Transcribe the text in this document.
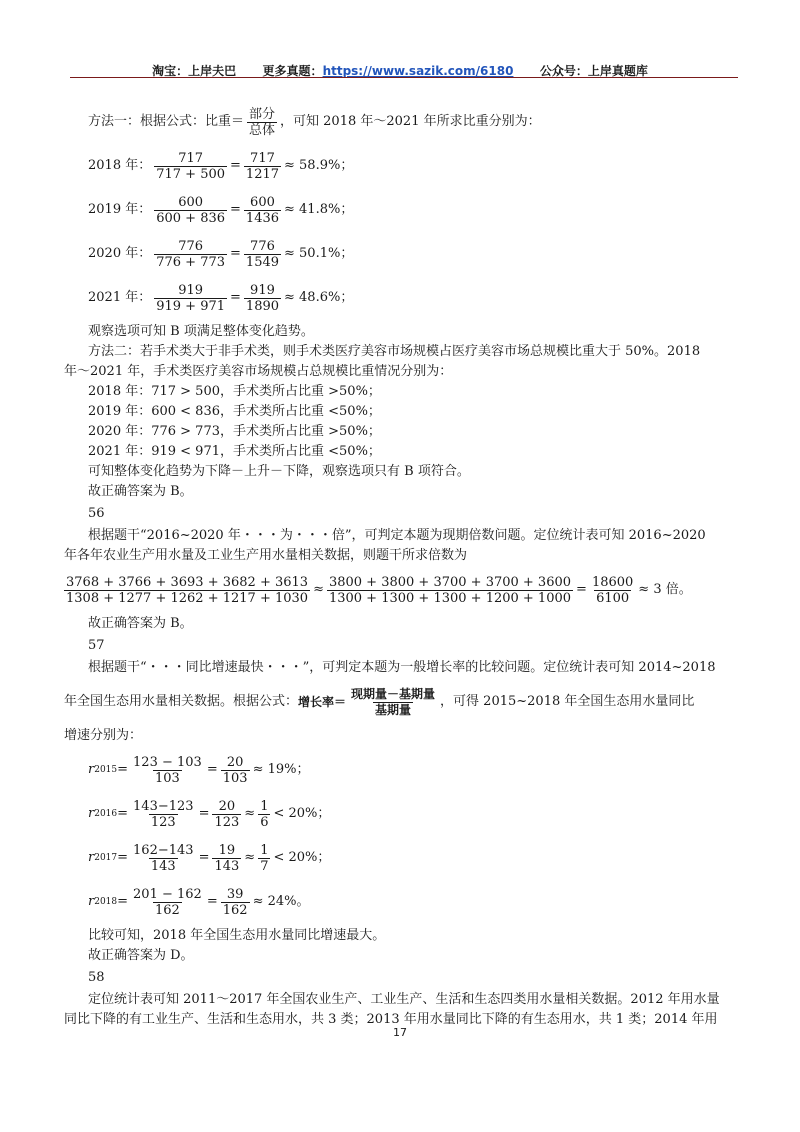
淘宝：上岸夫巴 更多真题：https://www.sazik.com/6180 公众号：上岸真题库
方法一：根据公式：比重＝ $\frac{\text{部分}}{\text{总体}}$ ，可知 2018 年～2021 年所求比重分别为：
2018 年： $\frac{717}{717 + 500} = \frac{717}{1217} \approx 58.9\%$；
2019 年： $\frac{600}{600 + 836} = \frac{600}{1436} \approx 41.8\%$；
2020 年： $\frac{776}{776 + 773} = \frac{776}{1549} \approx 50.1\%$；
2021 年： $\frac{919}{919 + 971} = \frac{919}{1890} \approx 48.6\%$；

观察选项可知 B 项满足整体变化趋势。

方法二：若手术类大于非手术类，则手术类医疗美容市场规模占医疗美容市场总规模比重大于 50%。2018

年～2021 年，手术类医疗美容市场规模占总规模比重情况分别为：

2018 年：717 > 500，手术类所占比重 >50%；

2019 年：600 < 836，手术类所占比重 <50%；

2020 年：776 > 773，手术类所占比重 >50%；

2021 年：919 < 971，手术类所占比重 <50%；

可知整体变化趋势为下降－上升－下降，观察选项只有 B 项符合。

故正确答案为 B。

56

根据题干“2016~2020 年・・・为・・・倍”，可判定本题为现期倍数问题。定位统计表可知 2016~2020

年各年农业生产用水量及工业生产用水量相关数据，则题干所求倍数为

$\frac{3768 + 3766 + 3693 + 3682 + 3613}{1308 + 1277 + 1262 + 1217 + 1030} \approx \frac{3800 + 3800 + 3700 + 3700 + 3600}{1300 + 1300 + 1300 + 1200 + 1000} = \frac{18600}{6100} \approx 3$ 倍。

故正确答案为 B。

57

根据题干“・・・同比增速最快・・・”，可判定本题为一般增长率的比较问题。定位统计表可知 2014~2018

年全国生态用水量相关数据。根据公式： 增长率＝ $\frac{\text{现期量－基期量}}{\text{基期量}}$ ，可得 2015~2018 年全国生态用水量同比

增速分别为：

r $2015 = \frac{123 - 103}{103} = \frac{20}{103} \approx 19\%$；
r $2016 = \frac{143-123}{123} = \frac{20}{123} \approx \frac{1}{6} < 20\%$；
r $2017 = \frac{162-143}{143} = \frac{19}{143} \approx \frac{1}{7} < 20\%$；
r $2018 = \frac{201 - 162}{162} = \frac{39}{162} \approx 24\%$。

比较可知，2018 年全国生态用水量同比增速最大。

故正确答案为 D。

58

定位统计表可知 2011～2017 年全国农业生产、工业生产、生活和生态四类用水量相关数据。2012 年用水量

同比下降的有工业生产、生活和生态用水，共 3 类；2013 年用水量同比下降的有生态用水，共 1 类；2014 年用

17
